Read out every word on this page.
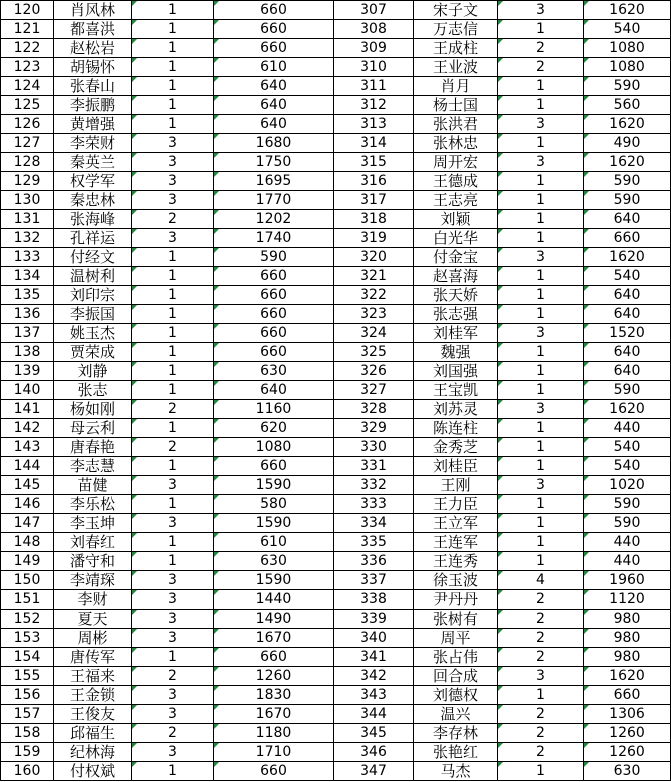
120	肖风林	1	660	307	宋子文	3	1620
121	都喜洪	1	660	308	万志信	1	540
122	赵松岩	1	660	309	王成柱	2	1080
123	胡锡怀	1	610	310	王业波	2	1080
124	张春山	1	640	311	肖月	1	590
125	李振鹏	1	640	312	杨士国	1	560
126	黄增强	1	640	313	张洪君	3	1620
127	李荣财	3	1680	314	张林忠	1	490
128	秦英兰	3	1750	315	周开宏	3	1620
129	权学军	3	1695	316	王德成	1	590
130	秦忠林	3	1770	317	王志亮	1	590
131	张海峰	2	1202	318	刘颖	1	640
132	孔祥运	3	1740	319	白光华	1	660
133	付经文	1	590	320	付金宝	3	1620
134	温树利	1	660	321	赵喜海	1	540
135	刘印宗	1	660	322	张天娇	1	640
136	李振国	1	660	323	张志强	1	640
137	姚玉杰	1	660	324	刘桂军	3	1520
138	贾荣成	1	660	325	魏强	1	640
139	刘静	1	630	326	刘国强	1	640
140	张志	1	640	327	王宝凯	1	590
141	杨如刚	2	1160	328	刘苏灵	3	1620
142	母云利	1	620	329	陈连柱	1	440
143	唐春艳	2	1080	330	金秀芝	1	540
144	李志慧	1	660	331	刘桂臣	1	540
145	苗健	3	1590	332	王刚	3	1020
146	李乐松	1	580	333	王力臣	1	590
147	李玉坤	3	1590	334	王立军	1	590
148	刘春红	1	610	335	王连军	1	440
149	潘守和	1	630	336	王连秀	1	440
150	李靖琛	3	1590	337	徐玉波	4	1960
151	李财	3	1440	338	尹丹丹	2	1120
152	夏天	3	1490	339	张树有	2	980
153	周彬	3	1670	340	周平	2	980
154	唐传军	1	660	341	张占伟	2	980
155	王福来	2	1260	342	回合成	3	1620
156	王金锁	3	1830	343	刘德权	1	660
157	王俊友	3	1670	344	温兴	2	1306
158	邱福生	2	1180	345	李存林	2	1260
159	纪林海	3	1710	346	张艳红	2	1260
160	付权斌	1	660	347	马杰	1	630
